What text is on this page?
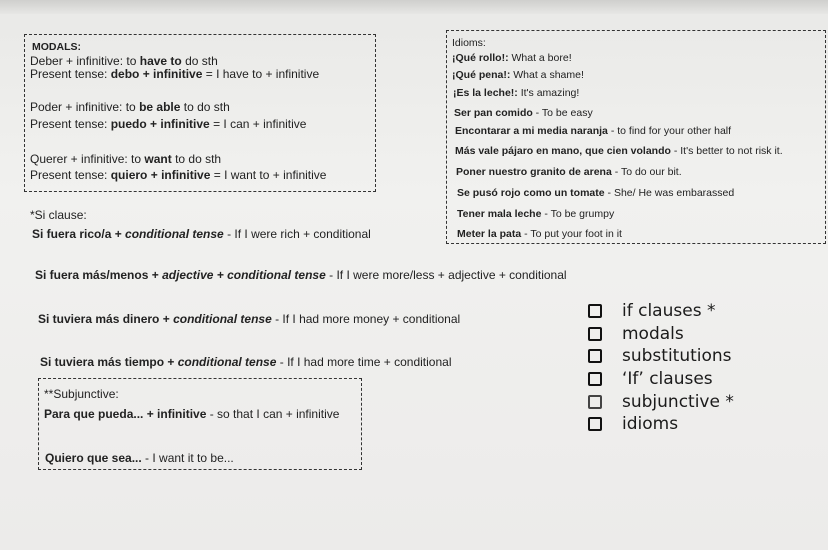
MODALS:
Deber + infinitive: to have to do sth
Present tense: debo + infinitive = I have to + infinitive
Poder + infinitive: to be able to do sth
Present tense: puedo + infinitive = I can + infinitive
Querer + infinitive: to want to do sth
Present tense: quiero + infinitive = I want to + infinitive
Idioms:
¡Qué rollo!: What a bore!
¡Qué pena!: What a shame!
¡Es la leche!: It's amazing!
Ser pan comido - To be easy
Encontarar a mi media naranja - to find for your other half
Más vale pájaro en mano, que cien volando - It's better to not risk it.
Poner nuestro granito de arena - To do our bit.
Se pusó rojo como un tomate - She/ He was embarassed
Tener mala leche - To be grumpy
Meter la pata - To put your foot in it
*Si clause:
Si fuera rico/a + conditional tense - If I were rich + conditional
Si fuera más/menos + adjective + conditional tense - If I were more/less + adjective + conditional
Si tuviera más dinero + conditional tense - If I had more money + conditional
Si tuviera más tiempo + conditional tense - If I had more time + conditional
**Subjunctive:
Para que pueda... + infinitive - so that I can + infinitive
Quiero que sea... - I want it to be...
if clauses *
modals
substitutions
‘If’ clauses
subjunctive *
idioms
